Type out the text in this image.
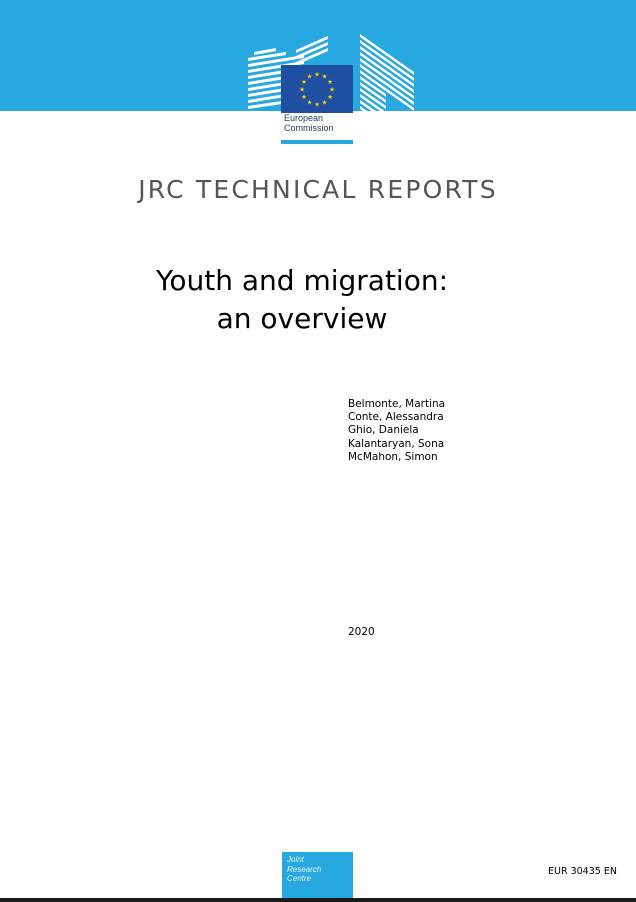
★ ★
★
★
★
★
★
★
★
★
★
★
European
Commission
JRC TECHNICAL REPORTS
Youth and migration:
an overview
Belmonte, Martina
Conte, Alessandra
Ghio, Daniela
Kalantaryan, Sona
McMahon, Simon
2020
Joint
Research
Centre
EUR 30435 EN
